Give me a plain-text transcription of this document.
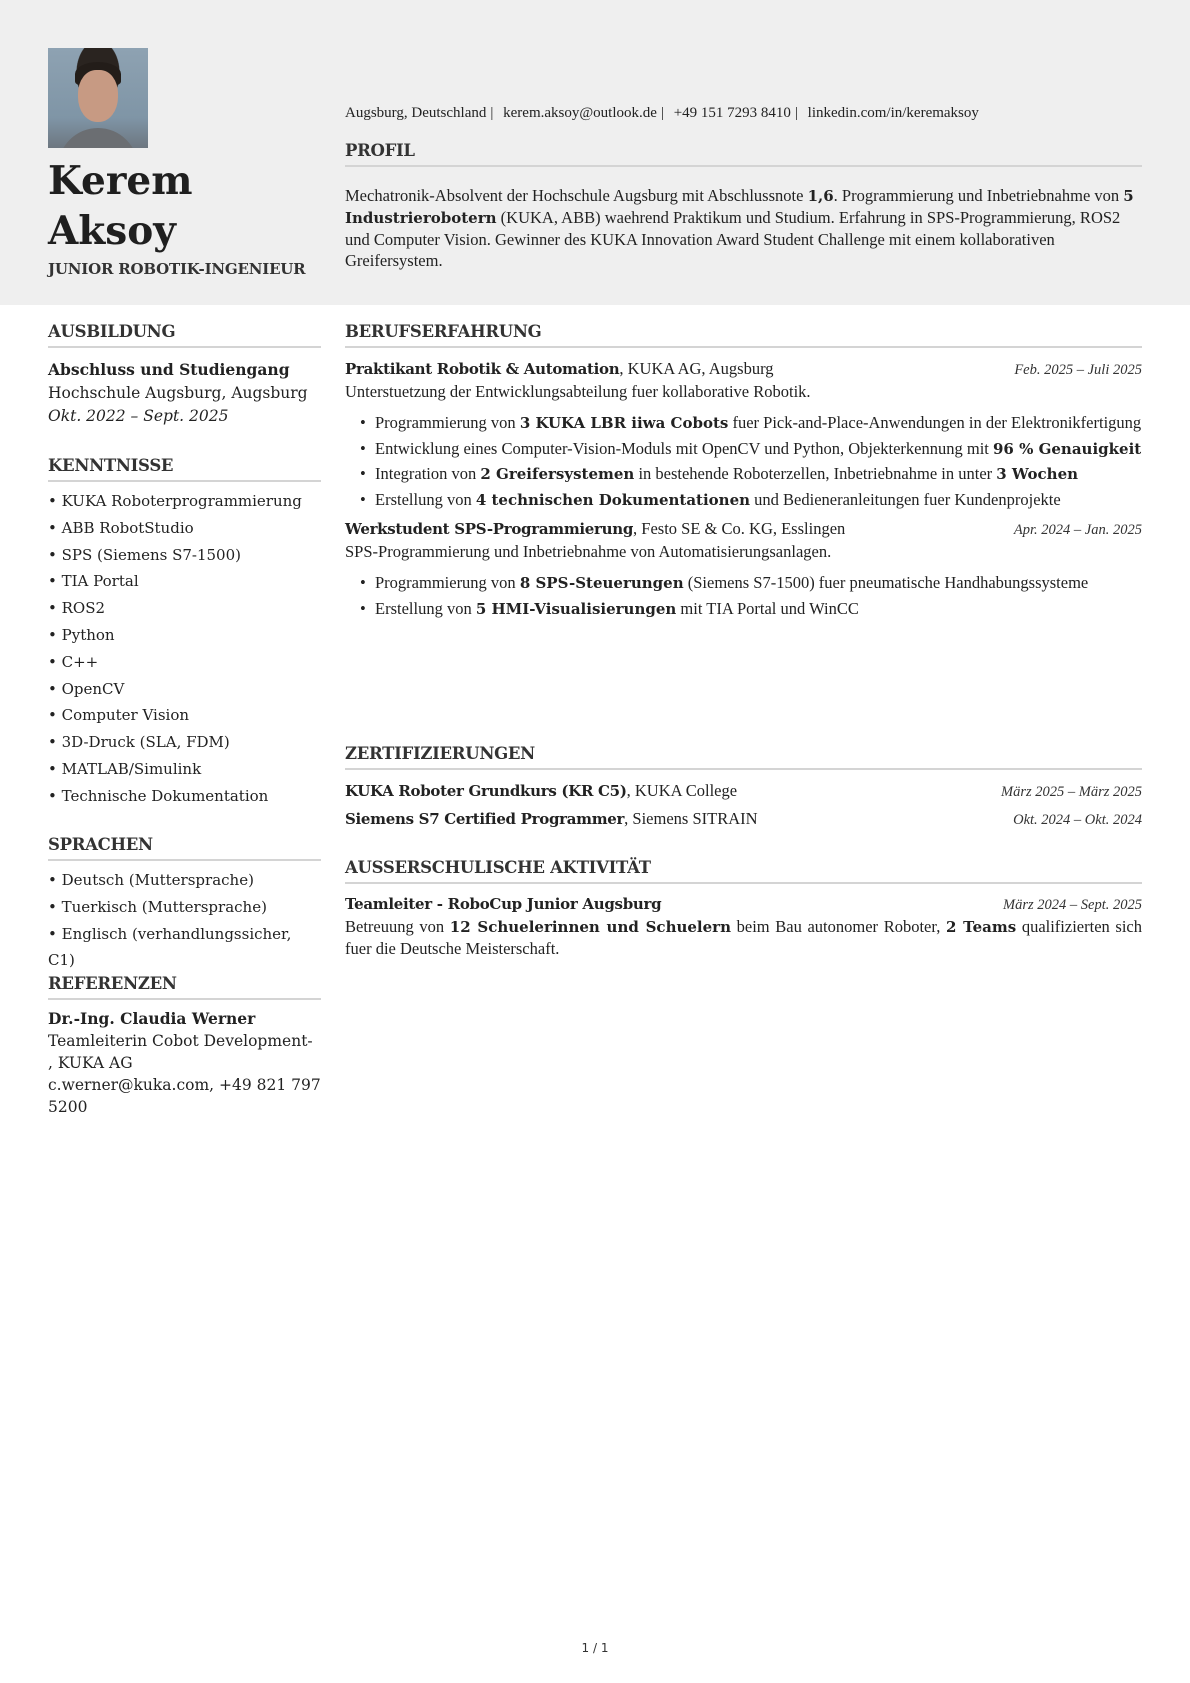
Kerem
Aksoy
JUNIOR ROBOTIK-INGENIEUR
Augsburg, Deutschland | kerem.aksoy@outlook.de | +49 151 7293 8410 | linkedin.com/in/keremaksoy
PROFIL
Mechatronik-Absolvent der Hochschule Augsburg mit Abschlussnote 1,6. Programmierung und Inbetriebnahme von 5 Industrierobotern (KUKA, ABB) waehrend Praktikum und Studium. Erfahrung in SPS-Programmierung, ROS2 und Computer Vision. Gewinner des KUKA Innovation Award Student Challenge mit einem kollaborativen Greifersystem.
AUSBILDUNG
Abschluss und Studiengang
Hochschule Augsburg, Augsburg
Okt. 2022 – Sept. 2025
KENNTNISSE
• KUKA Roboterprogrammierung
• ABB RobotStudio
• SPS (Siemens S7-1500)
• TIA Portal
• ROS2
• Python
• C++
• OpenCV
• Computer Vision
• 3D-Druck (SLA, FDM)
• MATLAB/Simulink
• Technische Dokumentation
SPRACHEN
• Deutsch (Muttersprache)
• Tuerkisch (Muttersprache)
• Englisch (verhandlungssicher, C1)
REFERENZEN
Dr.-Ing. Claudia Werner
Teamleiterin Cobot Development-
, KUKA AG
c.werner@kuka.com, +49 821 797
5200
BERUFSERFAHRUNG
Praktikant Robotik & Automation, KUKA AG, Augsburg	Feb. 2025 – Juli 2025
Unterstuetzung der Entwicklungsabteilung fuer kollaborative Robotik.
• Programmierung von 3 KUKA LBR iiwa Cobots fuer Pick-and-Place-Anwendungen in der Elektronikfertigung
• Entwicklung eines Computer-Vision-Moduls mit OpenCV und Python, Objekterkennung mit 96 % Genauigkeit
• Integration von 2 Greifersystemen in bestehende Roboterzellen, Inbetriebnahme in unter 3 Wochen
• Erstellung von 4 technischen Dokumentationen und Bedieneranleitungen fuer Kundenprojekte
Werkstudent SPS-Programmierung, Festo SE & Co. KG, Esslingen	Apr. 2024 – Jan. 2025
SPS-Programmierung und Inbetriebnahme von Automatisierungsanlagen.
• Programmierung von 8 SPS-Steuerungen (Siemens S7-1500) fuer pneumatische Handhabungssysteme
• Erstellung von 5 HMI-Visualisierungen mit TIA Portal und WinCC
ZERTIFIZIERUNGEN
KUKA Roboter Grundkurs (KR C5), KUKA College	März 2025 – März 2025
Siemens S7 Certified Programmer, Siemens SITRAIN	Okt. 2024 – Okt. 2024
AUSSERSCHULISCHE AKTIVITÄT
Teamleiter - RoboCup Junior Augsburg	März 2024 – Sept. 2025
Betreuung von 12 Schuelerinnen und Schuelern beim Bau autonomer Roboter, 2 Teams qualifizierten sich fuer die Deutsche Meisterschaft.
1 / 1
